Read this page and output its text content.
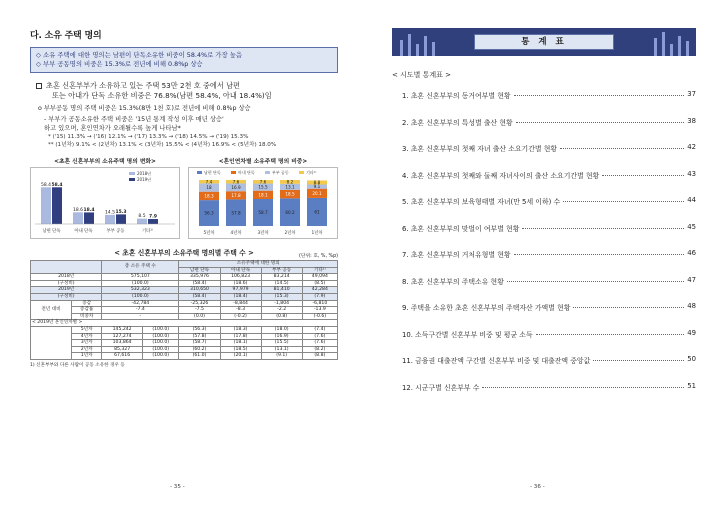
다. 소유 주택 명의
◇ 소유 주택에 대한 명의는 남편이 단독소유한 비중이 58.4%로 가장 높음
◇ 부부 공동명의 비중은 15.3%로 전년에 비해 0.8%p 상승
초혼 신혼부부가 소유하고 있는 주택 53만 2천 호 중에서 남편
또는 아내가 단독 소유한 비중은 76.8%(남편 58.4%, 아내 18.4%)임
o 부부공동 명의 주택 비중은 15.3%(8만 1천 호)로 전년에 비해 0.8%p 상승
- 부부가 공동소유한 주택 비중은 '15년 통계 작성 이후 매년 상승'
하고 있으며, 혼인연차가 오래될수록 높게 나타남*
* ('15) 11.3% → ('16) 12.1% → ('17) 13.3% → ('18) 14.5% → ('19) 15.3%
** (1년차) 9.1% < (2년차) 13.1% < (3년차) 15.5% < (4년차) 16.9% < (5년차) 18.0%
<초혼 신혼부부의 소유주택 명의 변화>
2018년
2019년
58.4 58.4
남편 단독
18.6 18.4
아내 단독
14.5 15.3
부부 공동
8.5 7.9
기타¹⁾
<혼인연차별 소유주택 명의 비중>
남편 단독	아내 단독	부부 공동	기타¹⁾
56.3
18.3
18
7.4
5년차
57.8
17.8
16.9
7.6
4년차
58.7
18.1
15.5
7.6
3년차
60.2
18.5
13.1
8.2
2년차
61
20.1
9.1
8.8
1년차
< 초혼 신혼부부의 소유주택 명의별 주택 수 >	(단위: 호, %, %p)
		총 소유 주택 수		소유주택에 대한 명의			
				남편 단독	아내 단독	부부 공동	기타¹⁾
2018년		575,107		335,976	106,823	83,214	49,094
(구성비)		(100.0)		(58.4)	(18.6)	(14.5)	(8.5)
2019년		532,323		310,650	97,979	81,410	42,284
(구성비)		(100.0)		(58.4)	(18.4)	(15.3)	(7.9)
전년 대비	증감	-42,784		-25,326	-8,844	-1,804	-6,810
	증감률	-7.4		-7.5	-8.3	-2.2	-13.9
	비중차	-		(0.0)	(-0.2)	(0.8)	(-0.6)
< 2019년 혼인연차별 >							
	5년차	145,242	(100.0)	(56.3)	(18.3)	(18.0)	(7.4)
	4년차	127,274	(100.0)	(57.8)	(17.8)	(16.9)	(7.6)
	3년차	103,864	(100.0)	(58.7)	(18.1)	(15.5)	(7.6)
	2년차	85,327	(100.0)	(60.2)	(18.5)	(13.1)	(8.2)
	1년차	67,616	(100.0)	(61.0)	(20.1)	(9.1)	(8.8)
1) 신혼부부와 다른 사람이 공동 소유한 경우 등
- 35 -
통 계 표
< 시도별 통계표 >
1. 초혼 신혼부부의 동거여부별 현황	37
2. 초혼 신혼부부의 특성별 출산 현황	38
3. 초혼 신혼부부의 첫째 자녀 출산 소요기간별 현황	42
4. 초혼 신혼부부의 첫째와 둘째 자녀사이의 출산 소요기간별 현황	43
5. 초혼 신혼부부의 보육형태별 자녀(만 5세 이하) 수	44
6. 초혼 신혼부부의 맞벌이 여부별 현황	45
7. 초혼 신혼부부의 거처유형별 현황	46
8. 초혼 신혼부부의 주택소유 현황	47
9. 주택을 소유한 초혼 신혼부부의 주택자산 가액별 현황	48
10. 소득구간별 신혼부부 비중 및 평균 소득	49
11. 금융권 대출잔액 구간별 신혼부부 비중 및 대출잔액 중앙값	50
12. 시군구별 신혼부부 수	51
- 36 -
